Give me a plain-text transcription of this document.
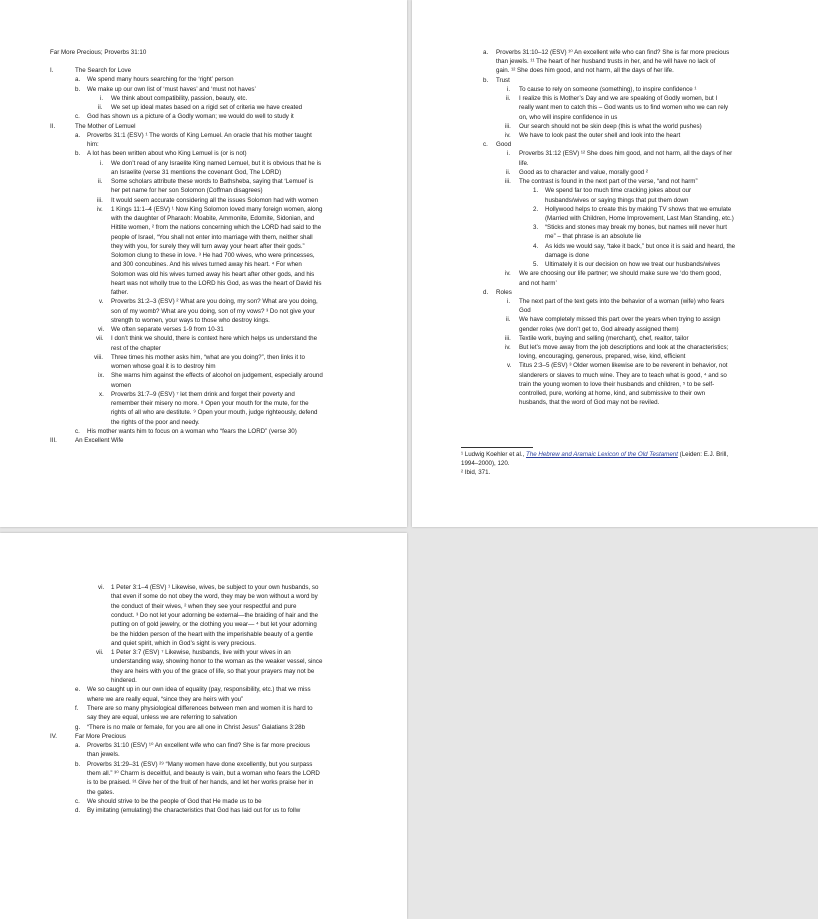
Far More Precious; Proverbs 31:10
I.	The Search for Love
a. We spend many hours searching for the ‘right’ person
b. We make up our own list of ‘must haves’ and ‘must not haves’
i. We think about compatibility, passion, beauty, etc.
ii. We set up ideal mates based on a rigid set of criteria we have created
c. God has shown us a picture of a Godly woman; we would do well to study it
II.	The Mother of Lemuel
a. Proverbs 31:1 (ESV) ¹ The words of King Lemuel. An oracle that his mother taught
him:
b. A lot has been written about who King Lemuel is (or is not)
i. We don’t read of any Israelite King named Lemuel, but it is obvious that he is
an Israelite (verse 31 mentions the covenant God, The LORD)
ii. Some scholars attribute these words to Bathsheba, saying that ‘Lemuel’ is
her pet name for her son Solomon (Coffman disagrees)
iii. It would seem accurate considering all the issues Solomon had with women
iv. 1 Kings 11:1–4 (ESV) ¹ Now King Solomon loved many foreign women, along
with the daughter of Pharaoh: Moabite, Ammonite, Edomite, Sidonian, and
Hittite women, ² from the nations concerning which the LORD had said to the
people of Israel, “You shall not enter into marriage with them, neither shall
they with you, for surely they will turn away your heart after their gods.”
Solomon clung to these in love. ³ He had 700 wives, who were princesses,
and 300 concubines. And his wives turned away his heart. ⁴ For when
Solomon was old his wives turned away his heart after other gods, and his
heart was not wholly true to the LORD his God, as was the heart of David his
father.
v. Proverbs 31:2–3 (ESV) ² What are you doing, my son? What are you doing,
son of my womb? What are you doing, son of my vows? ³ Do not give your
strength to women, your ways to those who destroy kings.
vi. We often separate verses 1-9 from 10-31
vii. I don’t think we should, there is context here which helps us understand the
rest of the chapter
viii. Three times his mother asks him, “what are you doing?”, then links it to
women whose goal it is to destroy him
ix. She warns him against the effects of alcohol on judgement, especially around
women
x. Proverbs 31:7–9 (ESV) ⁷ let them drink and forget their poverty and
remember their misery no more. ⁸ Open your mouth for the mute, for the
rights of all who are destitute. ⁹ Open your mouth, judge righteously, defend
the rights of the poor and needy.
c. His mother wants him to focus on a woman who “fears the LORD” (verse 30)
III.	An Excellent Wife
¹ Ludwig Koehler et al., The Hebrew and Aramaic Lexicon of the Old Testament (Leiden: E.J. Brill,
1994–2000), 120.
² Ibid, 371.
a. Proverbs 31:10–12 (ESV) ¹⁰ An excellent wife who can find? She is far more precious
than jewels. ¹¹ The heart of her husband trusts in her, and he will have no lack of
gain. ¹² She does him good, and not harm, all the days of her life.
b. Trust
i. To cause to rely on someone (something), to inspire confidence ¹
ii. I realize this is Mother’s Day and we are speaking of Godly women, but I
really want men to catch this – God wants us to find women who we can rely
on, who will inspire confidence in us
iii. Our search should not be skin deep (this is what the world pushes)
iv. We have to look past the outer shell and look into the heart
c. Good
i. Proverbs 31:12 (ESV) ¹² She does him good, and not harm, all the days of her
life.
ii. Good as to character and value, morally good ²
iii. The contrast is found in the next part of the verse, “and not harm”
1. We spend far too much time cracking jokes about our
husbands/wives or saying things that put them down
2. Hollywood helps to create this by making TV shows that we emulate
(Married with Children, Home Improvement, Last Man Standing, etc.)
3. “Sticks and stones may break my bones, but names will never hurt
me” – that phrase is an absolute lie
4. As kids we would say, “take it back,” but once it is said and heard, the
damage is done
5. Ultimately it is our decision on how we treat our husbands/wives
iv. We are choosing our life partner; we should make sure we ‘do them good,
and not harm’
d. Roles
i. The next part of the text gets into the behavior of a woman (wife) who fears
God
ii. We have completely missed this part over the years when trying to assign
gender roles (we don’t get to, God already assigned them)
iii. Textile work, buying and selling (merchant), chef, realtor, tailor
iv. But let’s move away from the job descriptions and look at the characteristics;
loving, encouraging, generous, prepared, wise, kind, efficient
v. Titus 2:3–5 (ESV) ³ Older women likewise are to be reverent in behavior, not
slanderers or slaves to much wine. They are to teach what is good, ⁴ and so
train the young women to love their husbands and children, ⁵ to be self-
controlled, pure, working at home, kind, and submissive to their own
husbands, that the word of God may not be reviled.
vi. 1 Peter 3:1–4 (ESV) ¹ Likewise, wives, be subject to your own husbands, so
that even if some do not obey the word, they may be won without a word by
the conduct of their wives, ² when they see your respectful and pure
conduct. ³ Do not let your adorning be external—the braiding of hair and the
putting on of gold jewelry, or the clothing you wear— ⁴ but let your adorning
be the hidden person of the heart with the imperishable beauty of a gentle
and quiet spirit, which in God’s sight is very precious.
vii. 1 Peter 3:7 (ESV) ⁷ Likewise, husbands, live with your wives in an
understanding way, showing honor to the woman as the weaker vessel, since
they are heirs with you of the grace of life, so that your prayers may not be
hindered.
e. We so caught up in our own idea of equality (pay, responsibility, etc.) that we miss
where we are really equal, “since they are heirs with you”
f. There are so many physiological differences between men and women it is hard to
say they are equal, unless we are referring to salvation
g. “There is no male or female, for you are all one in Christ Jesus” Galatians 3:28b
IV.	Far More Precious
a. Proverbs 31:10 (ESV) ¹⁰ An excellent wife who can find? She is far more precious
than jewels.
b. Proverbs 31:29–31 (ESV) ²⁹ “Many women have done excellently, but you surpass
them all.” ³⁰ Charm is deceitful, and beauty is vain, but a woman who fears the LORD
is to be praised. ³¹ Give her of the fruit of her hands, and let her works praise her in
the gates.
c. We should strive to be the people of God that He made us to be
d. By imitating (emulating) the characteristics that God has laid out for us to follw
